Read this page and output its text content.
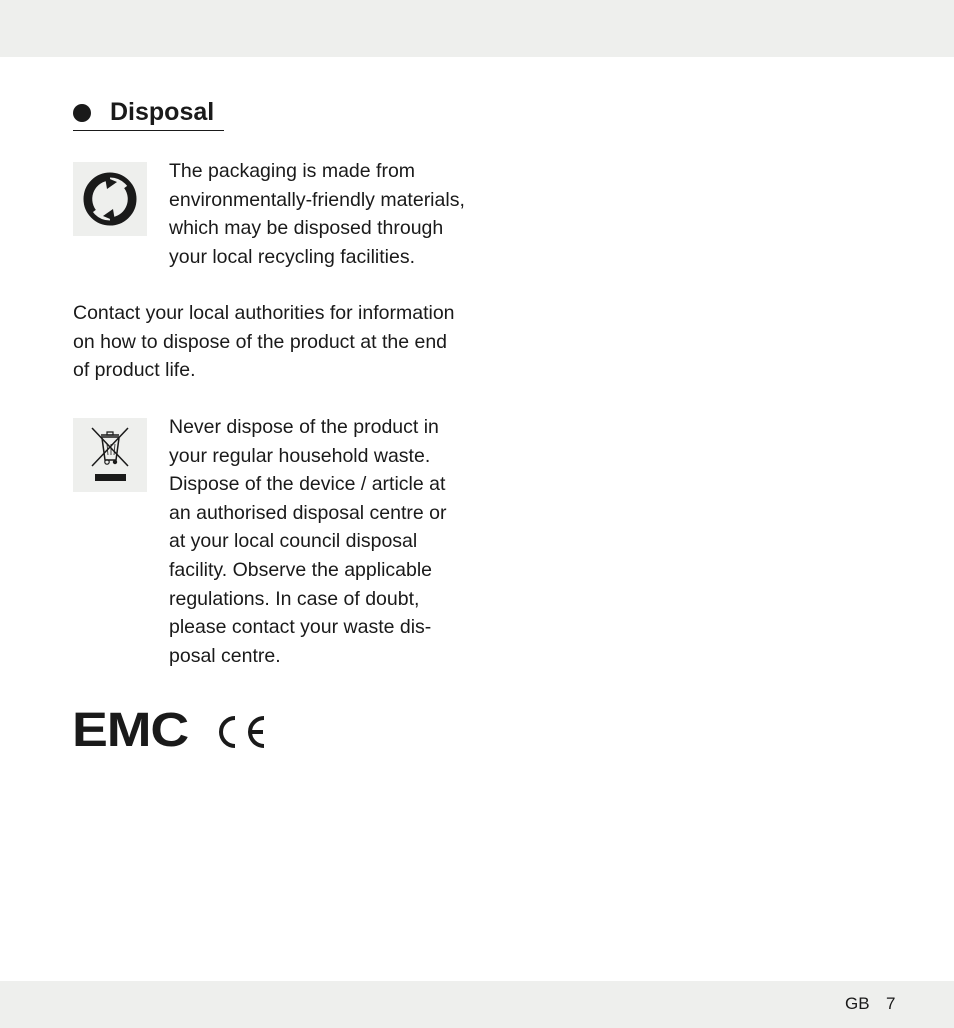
Disposal
The packaging is made from
environmentally-friendly materials,
which may be disposed through
your local recycling facilities.
Contact your local authorities for information
on how to dispose of the product at the end
of product life.
Never dispose of the product in
your regular household waste.
Dispose of the device / article at
an authorised disposal centre or
at your local council disposal
facility. Observe the applicable
regulations. In case of doubt,
please contact your waste dis-
posal centre.
EMC
GB 7
